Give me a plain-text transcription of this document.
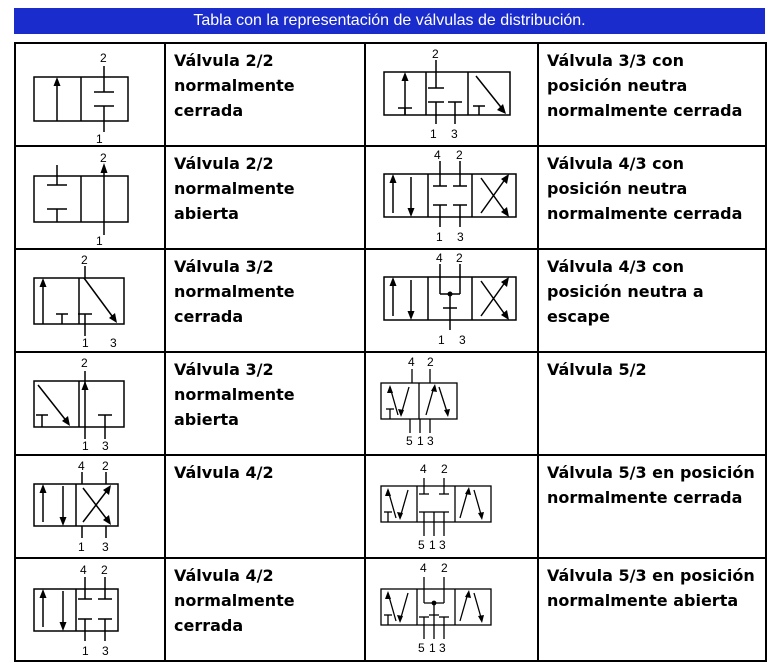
Tabla con la representación de válvulas de distribución.
2
1	Válvula 2/2
normalmente
cerrada	2
1 3	Válvula 3/3 con
posición neutra
normalmente cerrada

2
1	Válvula 2/2
normalmente
abierta	4 2
1 3	Válvula 4/3 con
posición neutra
normalmente cerrada

2
1 3	Válvula 3/2
normalmente
cerrada	4 2
1 3	Válvula 4/3 con
posición neutra a
escape

2
1 3	Válvula 3/2
normalmente
abierta	4 2
5 1 3	Válvula 5/2

4 2
1 3	Válvula 4/2	4 2
5 1 3	Válvula 5/3 en posición
normalmente cerrada

4 2
1 3	Válvula 4/2
normalmente
cerrada	4 2
5 1 3	Válvula 5/3 en posición
normalmente abierta
